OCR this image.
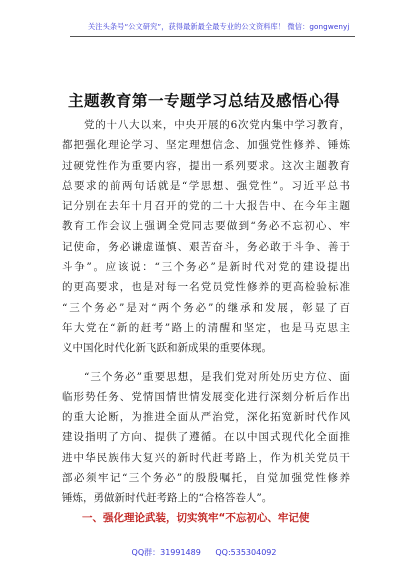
关注头条号“公文研究”，获得最新最全最专业的公文资料库！ 微信：gongwenyj
主题教育第一专题学习总结及感悟心得
党的十八大以来，中央开展的6次党内集中学习教育，
都把强化理论学习、坚定理想信念、加强党性修养、锤炼
过硬党性作为重要内容，提出一系列要求。这次主题教育
总要求的前两句话就是“学思想、强党性”。习近平总书
记分别在去年十月召开的党的二十大报告中、在今年主题
教育工作会议上强调全党同志要做到“务必不忘初心、牢
记使命，务必谦虚谨慎、艰苦奋斗，务必敢于斗争、善于
斗争”。应该说：“三个务必”是新时代对党的建设提出
的更高要求，也是对每一名党员党性修养的更高检验标准
“三个务必”是对“两个务必”的继承和发展，彰显了百
年大党在“新的赶考”路上的清醒和坚定，也是马克思主
义中国化时代化新飞跃和新成果的重要体现。
“三个务必”重要思想，是我们党对所处历史方位、面
临形势任务、党情国情世情发展变化进行深刻分析后作出
的重大论断，为推进全面从严治党，深化拓宽新时代作风
建设指明了方向、提供了遵循。在以中国式现代化全面推
进中华民族伟大复兴的新时代赶考路上，作为机关党员干
部必须牢记“三个务必”的殷殷嘱托，自觉加强党性修养
锤炼，勇做新时代赶考路上的“合格答卷人”。
一、强化理论武装，切实筑牢“不忘初心、牢记使
QQ群：31991489 QQ:535304092
